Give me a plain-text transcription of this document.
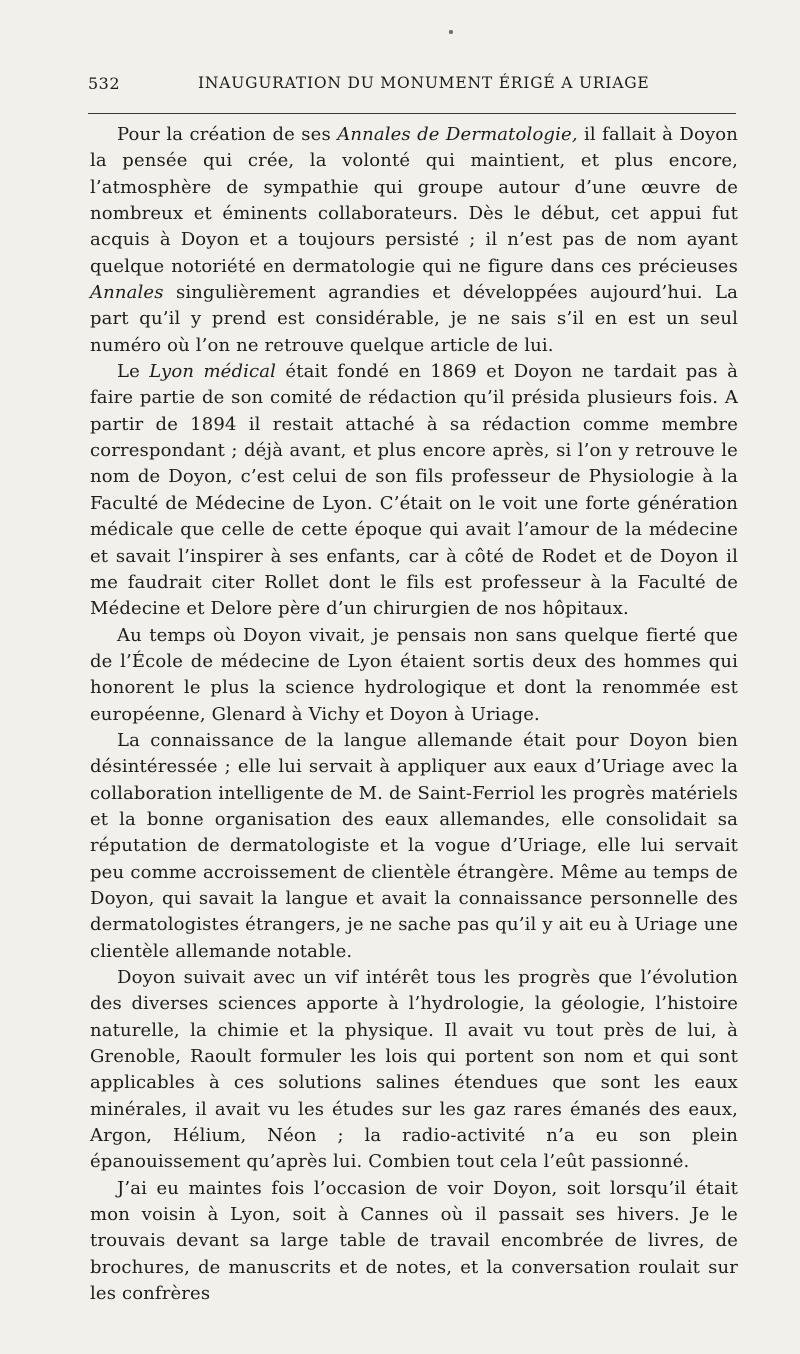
532	INAUGURATION DU MONUMENT ÉRIGÉ A URIAGE

Pour la création de ses Annales de Dermatologie, il fallait à Doyon la pensée qui crée, la volonté qui maintient, et plus encore, l’atmosphère de sympathie qui groupe autour d’une œuvre de nombreux et éminents collaborateurs. Dès le début, cet appui fut acquis à Doyon et a toujours persisté ; il n’est pas de nom ayant quelque notoriété en dermatologie qui ne figure dans ces précieuses Annales singulièrement agrandies et développées aujourd’hui. La part qu’il y prend est considérable, je ne sais s’il en est un seul numéro où l’on ne retrouve quelque article de lui.

Le Lyon médical était fondé en 1869 et Doyon ne tardait pas à faire partie de son comité de rédaction qu’il présida plusieurs fois. A partir de 1894 il restait attaché à sa rédaction comme membre correspondant ; déjà avant, et plus encore après, si l’on y retrouve le nom de Doyon, c’est celui de son fils professeur de Physiologie à la Faculté de Médecine de Lyon. C’était on le voit une forte génération médicale que celle de cette époque qui avait l’amour de la médecine et savait l’inspirer à ses enfants, car à côté de Rodet et de Doyon il me faudrait citer Rollet dont le fils est professeur à la Faculté de Médecine et Delore père d’un chirurgien de nos hôpitaux.

Au temps où Doyon vivait, je pensais non sans quelque fierté que de l’École de médecine de Lyon étaient sortis deux des hommes qui honorent le plus la science hydrologique et dont la renommée est européenne, Glenard à Vichy et Doyon à Uriage.

La connaissance de la langue allemande était pour Doyon bien désintéressée ; elle lui servait à appliquer aux eaux d’Uriage avec la collaboration intelligente de M. de Saint-Ferriol les progrès matériels et la bonne organisation des eaux allemandes, elle consolidait sa réputation de dermatologiste et la vogue d’Uriage, elle lui servait peu comme accroissement de clientèle étrangère. Même au temps de Doyon, qui savait la langue et avait la connaissance personnelle des dermatologistes étrangers, je ne sache pas qu’il y ait eu à Uriage une clientèle allemande notable.

Doyon suivait avec un vif intérêt tous les progrès que l’évolution des diverses sciences apporte à l’hydrologie, la géologie, l’histoire naturelle, la chimie et la physique. Il avait vu tout près de lui, à Grenoble, Raoult formuler les lois qui portent son nom et qui sont applicables à ces solutions salines étendues que sont les eaux minérales, il avait vu les études sur les gaz rares émanés des eaux, Argon, Hélium, Néon ; la radio-activité n’a eu son plein épanouissement qu’après lui. Combien tout cela l’eût passionné.

J’ai eu maintes fois l’occasion de voir Doyon, soit lorsqu’il était mon voisin à Lyon, soit à Cannes où il passait ses hivers. Je le trouvais devant sa large table de travail encombrée de livres, de brochures, de manuscrits et de notes, et la conversation roulait sur les confrères
